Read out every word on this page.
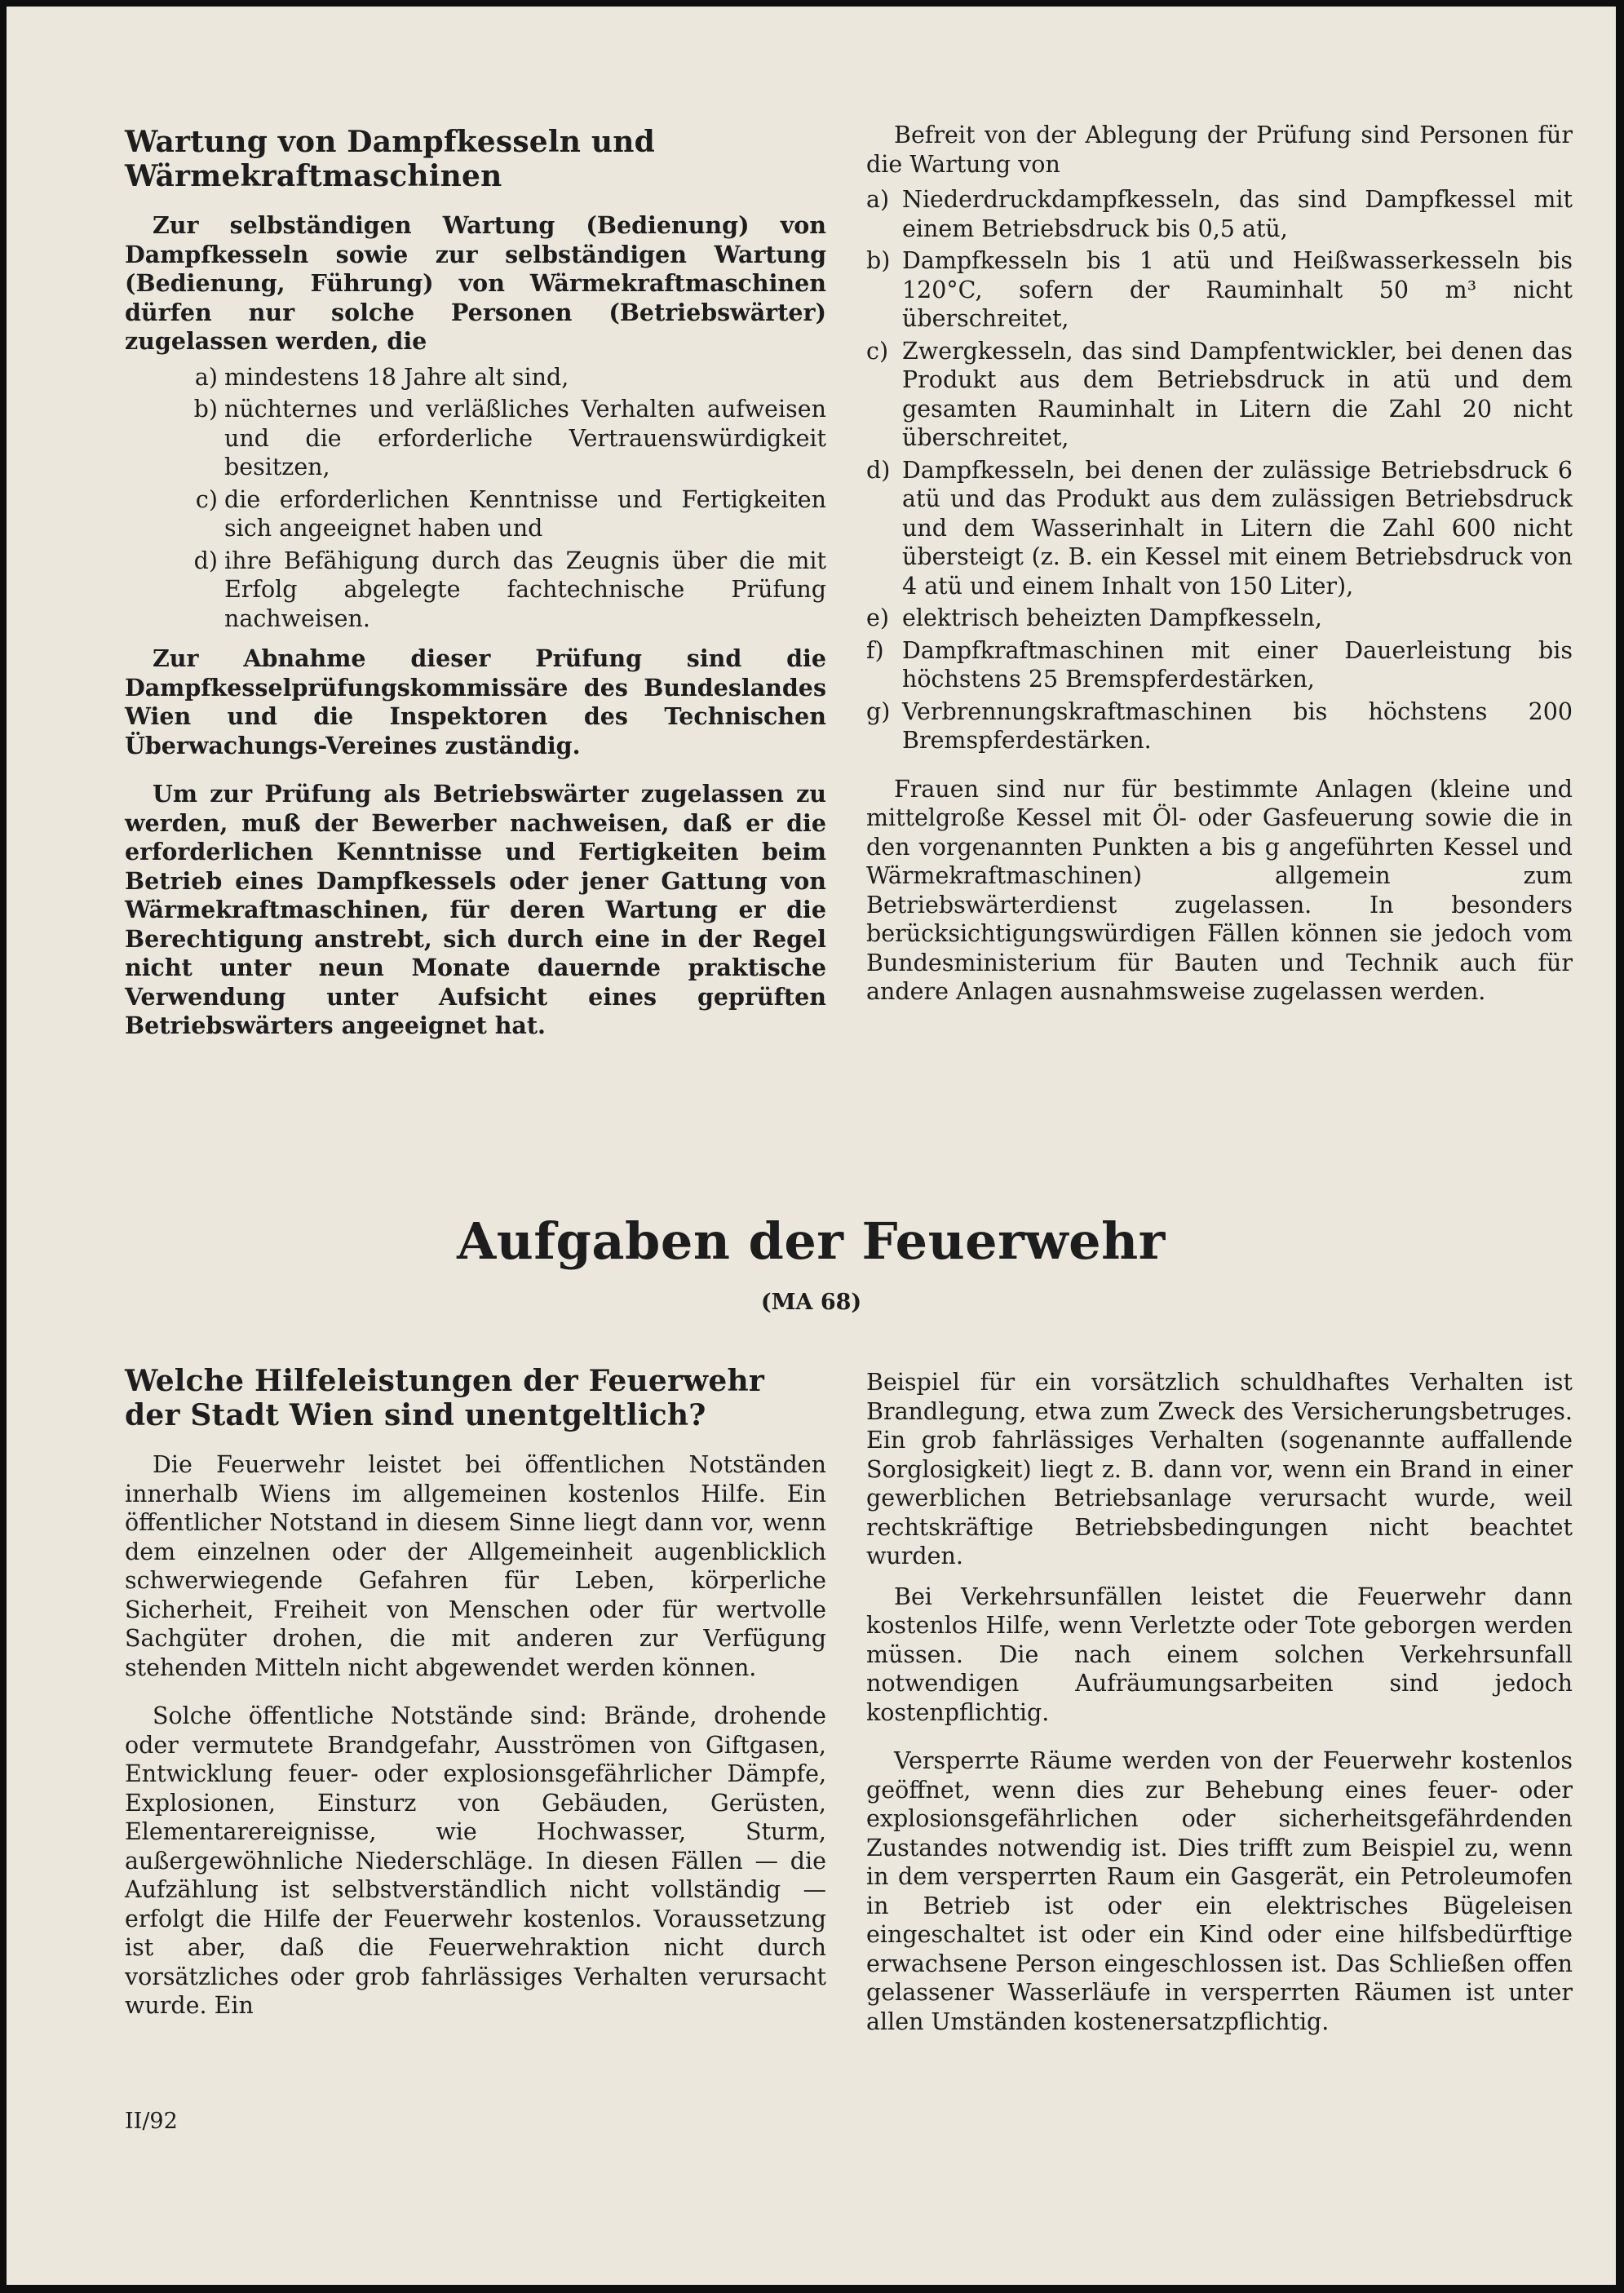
Wartung von Dampfkesseln und Wärmekraftmaschinen

Zur selbständigen Wartung (Bedienung) von Dampfkesseln sowie zur selbständigen Wartung (Bedienung, Führung) von Wärmekraftmaschinen dürfen nur solche Personen (Betriebswärter) zugelassen werden, die

a) mindestens 18 Jahre alt sind,
b) nüchternes und verläßliches Verhalten aufweisen und die erforderliche Vertrauenswürdigkeit besitzen,
c) die erforderlichen Kenntnisse und Fertigkeiten sich angeeignet haben und
d) ihre Befähigung durch das Zeugnis über die mit Erfolg abgelegte fachtechnische Prüfung nachweisen.

Zur Abnahme dieser Prüfung sind die Dampfkesselprüfungskommissäre des Bundeslandes Wien und die Inspektoren des Technischen Überwachungs-Vereines zuständig.

Um zur Prüfung als Betriebswärter zugelassen zu werden, muß der Bewerber nachweisen, daß er die erforderlichen Kenntnisse und Fertigkeiten beim Betrieb eines Dampfkessels oder jener Gattung von Wärmekraftmaschinen, für deren Wartung er die Berechtigung anstrebt, sich durch eine in der Regel nicht unter neun Monate dauernde praktische Verwendung unter Aufsicht eines geprüften Betriebswärters angeeignet hat.

Befreit von der Ablegung der Prüfung sind Personen für die Wartung von

a) Niederdruckdampfkesseln, das sind Dampfkessel mit einem Betriebsdruck bis 0,5 atü,
b) Dampfkesseln bis 1 atü und Heißwasserkesseln bis 120°C, sofern der Rauminhalt 50 m³ nicht überschreitet,
c) Zwergkesseln, das sind Dampfentwickler, bei denen das Produkt aus dem Betriebsdruck in atü und dem gesamten Rauminhalt in Litern die Zahl 20 nicht überschreitet,
d) Dampfkesseln, bei denen der zulässige Betriebsdruck 6 atü und das Produkt aus dem zulässigen Betriebsdruck und dem Wasserinhalt in Litern die Zahl 600 nicht übersteigt (z. B. ein Kessel mit einem Betriebsdruck von 4 atü und einem Inhalt von 150 Liter),
e) elektrisch beheizten Dampfkesseln,
f) Dampfkraftmaschinen mit einer Dauerleistung bis höchstens 25 Bremspferdestärken,
g) Verbrennungskraftmaschinen bis höchstens 200 Bremspferdestärken.

Frauen sind nur für bestimmte Anlagen (kleine und mittelgroße Kessel mit Öl- oder Gasfeuerung sowie die in den vorgenannten Punkten a bis g angeführten Kessel und Wärmekraftmaschinen) allgemein zum Betriebswärterdienst zugelassen. In besonders berücksichtigungswürdigen Fällen können sie jedoch vom Bundesministerium für Bauten und Technik auch für andere Anlagen ausnahmsweise zugelassen werden.

Aufgaben der Feuerwehr
(MA 68)
Welche Hilfeleistungen der Feuerwehr der Stadt Wien sind unentgeltlich?

Die Feuerwehr leistet bei öffentlichen Notständen innerhalb Wiens im allgemeinen kostenlos Hilfe. Ein öffentlicher Notstand in diesem Sinne liegt dann vor, wenn dem einzelnen oder der Allgemeinheit augenblicklich schwerwiegende Gefahren für Leben, körperliche Sicherheit, Freiheit von Menschen oder für wertvolle Sachgüter drohen, die mit anderen zur Verfügung stehenden Mitteln nicht abgewendet werden können.

Solche öffentliche Notstände sind: Brände, drohende oder vermutete Brandgefahr, Ausströmen von Giftgasen, Entwicklung feuer- oder explosionsgefährlicher Dämpfe, Explosionen, Einsturz von Gebäuden, Gerüsten, Elementarereignisse, wie Hochwasser, Sturm, außergewöhnliche Niederschläge. In diesen Fällen — die Aufzählung ist selbstverständlich nicht vollständig — erfolgt die Hilfe der Feuerwehr kostenlos. Voraussetzung ist aber, daß die Feuerwehraktion nicht durch vorsätzliches oder grob fahrlässiges Verhalten verursacht wurde. Ein

Beispiel für ein vorsätzlich schuldhaftes Verhalten ist Brandlegung, etwa zum Zweck des Versicherungsbetruges. Ein grob fahrlässiges Verhalten (sogenannte auffallende Sorglosigkeit) liegt z. B. dann vor, wenn ein Brand in einer gewerblichen Betriebsanlage verursacht wurde, weil rechtskräftige Betriebsbedingungen nicht beachtet wurden.

Bei Verkehrsunfällen leistet die Feuerwehr dann kostenlos Hilfe, wenn Verletzte oder Tote geborgen werden müssen. Die nach einem solchen Verkehrsunfall notwendigen Aufräumungsarbeiten sind jedoch kostenpflichtig.

Versperrte Räume werden von der Feuerwehr kostenlos geöffnet, wenn dies zur Behebung eines feuer- oder explosionsgefährlichen oder sicherheitsgefährdenden Zustandes notwendig ist. Dies trifft zum Beispiel zu, wenn in dem versperrten Raum ein Gasgerät, ein Petroleumofen in Betrieb ist oder ein elektrisches Bügeleisen eingeschaltet ist oder ein Kind oder eine hilfsbedürftige erwachsene Person eingeschlossen ist. Das Schließen offen gelassener Wasserläufe in versperrten Räumen ist unter allen Umständen kostenersatzpflichtig.

II/92
